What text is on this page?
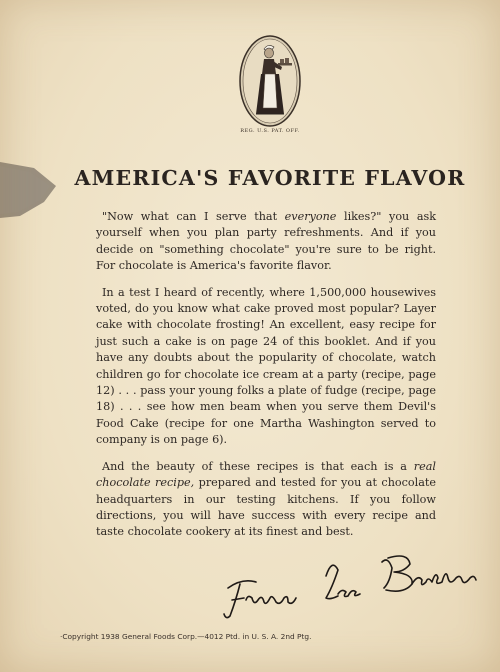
REG. U.S. PAT. OFF.
AMERICA'S FAVORITE FLAVOR

"Now what can I serve that everyone likes?" you ask yourself when you plan party refreshments. And if you decide on "something chocolate" you're sure to be right. For chocolate is America's favorite flavor.

In a test I heard of recently, where 1,500,000 housewives voted, do you know what cake proved most popular? Layer cake with chocolate frosting! An excellent, easy recipe for just such a cake is on page 24 of this booklet. And if you have any doubts about the popularity of chocolate, watch children go for chocolate ice cream at a party (recipe, page 12) . . . pass your young folks a plate of fudge (recipe, page 18) . . . see how men beam when you serve them Devil's Food Cake (recipe for one Martha Washington served to company is on page 6).

And the beauty of these recipes is that each is a real chocolate recipe, prepared and tested for you at chocolate headquarters in our testing kitchens. If you follow directions, you will have success with every recipe and taste chocolate cookery at its finest and best.

·Copyright 1938 General Foods Corp.—4012 Ptd. in U. S. A. 2nd Ptg.
